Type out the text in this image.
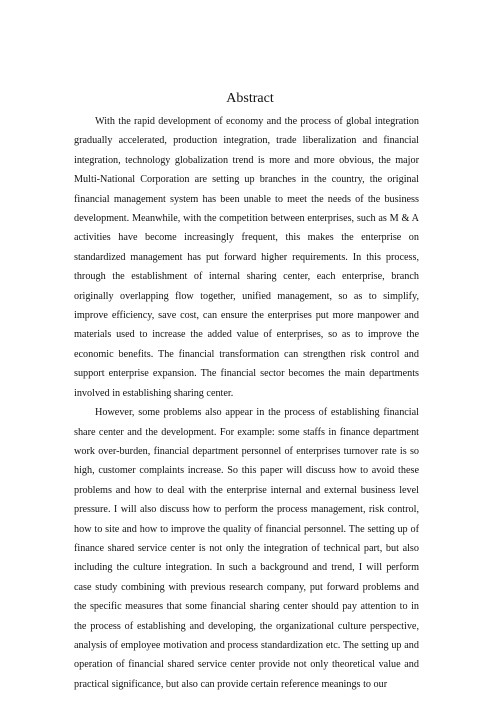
Abstract

With the rapid development of economy and the process of global integration gradually accelerated, production integration, trade liberalization and financial integration, technology globalization trend is more and more obvious, the major Multi-National Corporation are setting up branches in the country, the original financial management system has been unable to meet the needs of the business development. Meanwhile, with the competition between enterprises, such as M & A activities have become increasingly frequent, this makes the enterprise on standardized management has put forward higher requirements. In this process, through the establishment of internal sharing center, each enterprise, branch originally overlapping flow together, unified management, so as to simplify, improve efficiency, save cost, can ensure the enterprises put more manpower and materials used to increase the added value of enterprises, so as to improve the economic benefits. The financial transformation can strengthen risk control and support enterprise expansion. The financial sector becomes the main departments involved in establishing sharing center.

However, some problems also appear in the process of establishing financial share center and the development. For example: some staffs in finance department work over-burden, financial department personnel of enterprises turnover rate is so high, customer complaints increase. So this paper will discuss how to avoid these problems and how to deal with the enterprise internal and external business level pressure. I will also discuss how to perform the process management, risk control, how to site and how to improve the quality of financial personnel. The setting up of finance shared service center is not only the integration of technical part, but also including the culture integration. In such a background and trend, I will perform case study combining with previous research company, put forward problems and the specific measures that some financial sharing center should pay attention to in the process of establishing and developing, the organizational culture perspective, analysis of employee motivation and process standardization etc. The setting up and operation of financial shared service center provide not only theoretical value and practical significance, but also can provide certain reference meanings to our
